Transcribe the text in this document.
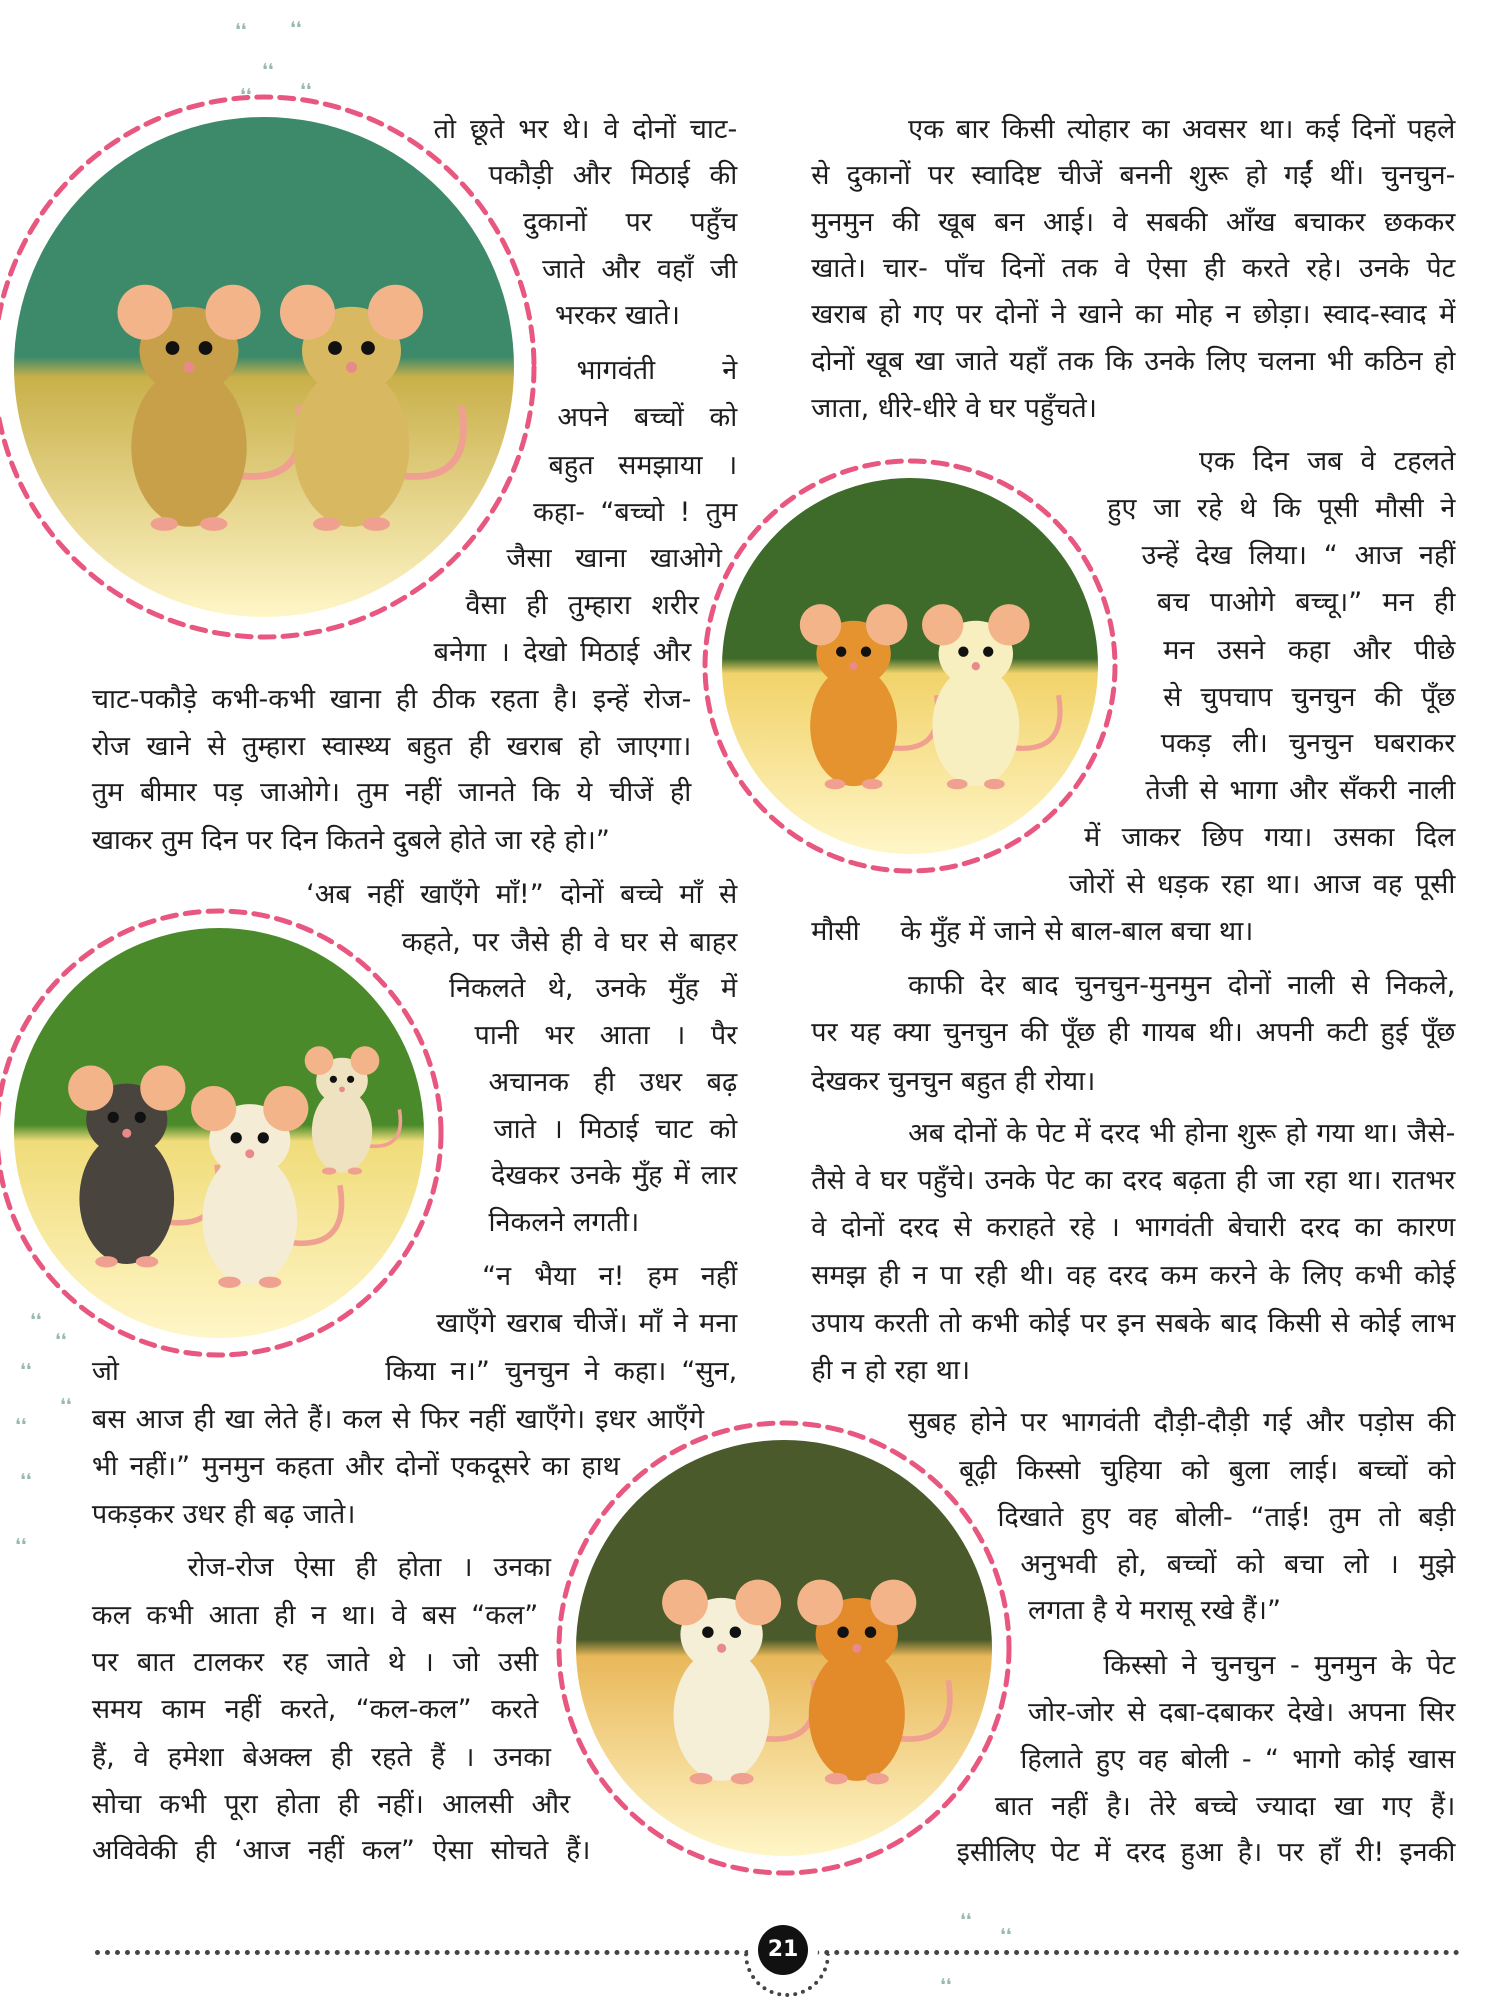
तो छूते भर थे। वे दोनों चाट-
पकौड़ी और मिठाई की
दुकानों पर पहुँच
जाते और वहाँ जी
भरकर खाते।
भागवंती ने
अपने बच्चों को
बहुत समझाया ।
कहा- “बच्चो ! तुम
जैसा खाना खाओगे
वैसा ही तुम्हारा शरीर
बनेगा । देखो मिठाई और
चाट-पकौड़े कभी-कभी खाना ही ठीक रहता है। इन्हें रोज-
रोज खाने से तुम्हारा स्वास्थ्य बहुत ही खराब हो जाएगा।
तुम बीमार पड़ जाओगे। तुम नहीं जानते कि ये चीजें ही
खाकर तुम दिन पर दिन कितने दुबले होते जा रहे हो।”
‘अब नहीं खाएँगे माँ!” दोनों बच्चे माँ से
कहते, पर जैसे ही वे घर से बाहर
निकलते थे, उनके मुँह में
पानी भर आता । पैर
अचानक ही उधर बढ़
जाते । मिठाई चाट को
देखकर उनके मुँह में लार
निकलने लगती।
“न भैया न! हम नहीं
खाएँगे खराब चीजें। माँ ने मना
जो	किया न।” चुनचुन ने कहा। “सुन,
बस आज ही खा लेते हैं। कल से फिर नहीं खाएँगे। इधर आएँगे
भी नहीं।” मुनमुन कहता और दोनों एकदूसरे का हाथ
पकड़कर उधर ही बढ़ जाते।
रोज-रोज ऐसा ही होता । उनका
कल कभी आता ही न था। वे बस “कल”
पर बात टालकर रह जाते थे । जो उसी
समय काम नहीं करते, “कल-कल” करते
हैं, वे हमेशा बेअक्ल ही रहते हैं । उनका
सोचा कभी पूरा होता ही नहीं। आलसी और
अविवेकी ही ‘आज नहीं कल” ऐसा सोचते हैं।
एक बार किसी त्योहार का अवसर था। कई दिनों पहले
से दुकानों पर स्वादिष्ट चीजें बननी शुरू हो गईं थीं। चुनचुन-
मुनमुन की खूब बन आई। वे सबकी आँख बचाकर छककर
खाते। चार- पाँच दिनों तक वे ऐसा ही करते रहे। उनके पेट
खराब हो गए पर दोनों ने खाने का मोह न छोड़ा। स्वाद-स्वाद में
दोनों खूब खा जाते यहाँ तक कि उनके लिए चलना भी कठिन हो
जाता, धीरे-धीरे वे घर पहुँचते।
एक दिन जब वे टहलते
हुए जा रहे थे कि पूसी मौसी ने
उन्हें देख लिया। “ आज नहीं
बच पाओगे बच्चू।” मन ही
मन उसने कहा और पीछे
से चुपचाप चुनचुन की पूँछ
पकड़ ली। चुनचुन घबराकर
तेजी से भागा और सँकरी नाली
में जाकर छिप गया। उसका दिल
जोरों से धड़क रहा था। आज वह पूसी
मौसी	के मुँह में जाने से बाल-बाल बचा था।
काफी देर बाद चुनचुन-मुनमुन दोनों नाली से निकले,
पर यह क्या चुनचुन की पूँछ ही गायब थी। अपनी कटी हुई पूँछ
देखकर चुनचुन बहुत ही रोया।
अब दोनों के पेट में दरद भी होना शुरू हो गया था। जैसे-
तैसे वे घर पहुँचे। उनके पेट का दरद बढ़ता ही जा रहा था। रातभर
वे दोनों दरद से कराहते रहे । भागवंती बेचारी दरद का कारण
समझ ही न पा रही थी। वह दरद कम करने के लिए कभी कोई
उपाय करती तो कभी कोई पर इन सबके बाद किसी से कोई लाभ
ही न हो रहा था।
सुबह होने पर भागवंती दौड़ी-दौड़ी गई और पड़ोस की
बूढ़ी किस्सो चुहिया को बुला लाई। बच्चों को
दिखाते हुए वह बोली- “ताई! तुम तो बड़ी
अनुभवी हो, बच्चों को बचा लो । मुझे
लगता है ये मरासू रखे हैं।”
किस्सो ने चुनचुन - मुनमुन के पेट
जोर-जोर से दबा-दबाकर देखे। अपना सिर
हिलाते हुए वह बोली - “ भागो कोई खास
बात नहीं है। तेरे बच्चे ज्यादा खा गए हैं।
इसीलिए पेट में दरद हुआ है। पर हाँ री! इनकी
❛❛ ❛❛
❛❛
❛❛
❛❛
❛❛
❛❛
❛❛
❛❛
❛❛
❛❛
❛❛
❛❛
❛❛
❛❛
21
